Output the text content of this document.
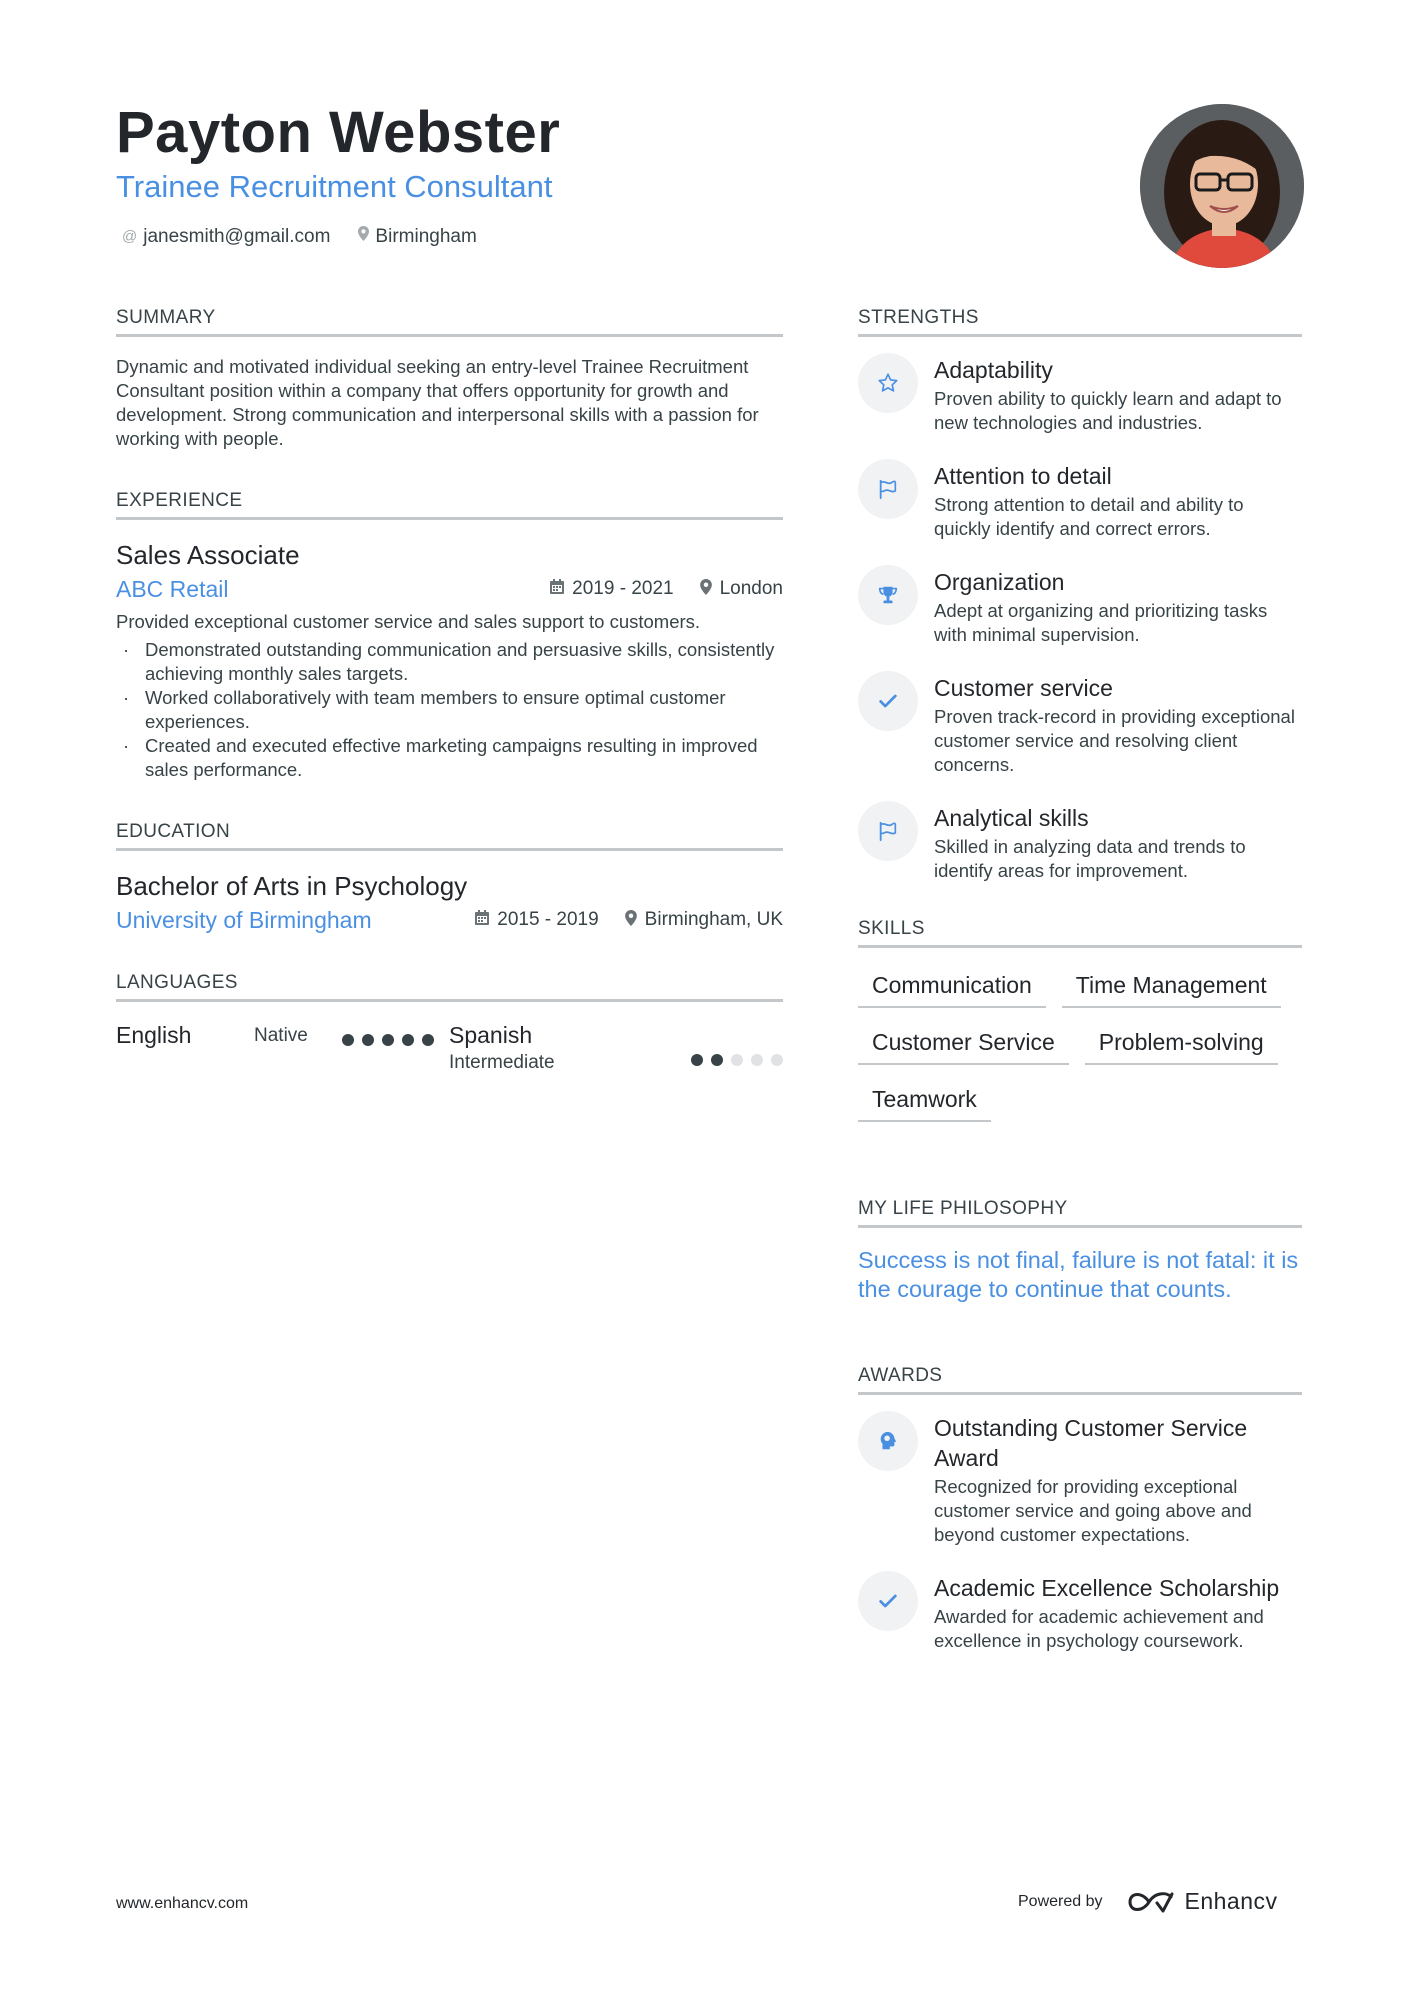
Payton Webster
Trainee Recruitment Consultant
@ janesmith@gmail.com Birmingham
SUMMARY

Dynamic and motivated individual seeking an entry-level Trainee Recruitment Consultant position within a company that offers opportunity for growth and development. Strong communication and interpersonal skills with a passion for working with people.

EXPERIENCE
Sales Associate
ABC Retail	2019 - 2021 London

Provided exceptional customer service and sales support to customers.

· Demonstrated outstanding communication and persuasive skills, consistently achieving monthly sales targets.
· Worked collaboratively with team members to ensure optimal customer experiences.
· Created and executed effective marketing campaigns resulting in improved sales performance.
EDUCATION
Bachelor of Arts in Psychology
University of Birmingham	2015 - 2019 Birmingham, UK
LANGUAGES
English	Native	Spanish
Intermediate
STRENGTHS
Adaptability
Proven ability to quickly learn and adapt to new technologies and industries.
Attention to detail
Strong attention to detail and ability to quickly identify and correct errors.
Organization
Adept at organizing and prioritizing tasks with minimal supervision.
Customer service
Proven track-record in providing exceptional customer service and resolving client concerns.
Analytical skills
Skilled in analyzing data and trends to identify areas for improvement.
SKILLS
Communication	Time Management
Customer Service	Problem-solving
Teamwork
MY LIFE PHILOSOPHY

Success is not final, failure is not fatal: it is the courage to continue that counts.

AWARDS
Outstanding Customer Service Award
Recognized for providing exceptional customer service and going above and beyond customer expectations.
Academic Excellence Scholarship
Awarded for academic achievement and excellence in psychology coursework.
www.enhancv.com	Powered by	Enhancv
